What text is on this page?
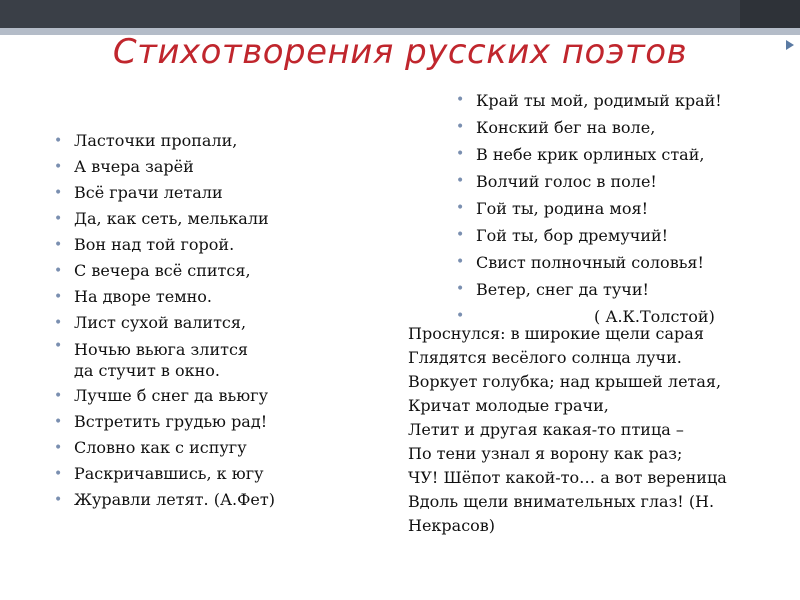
Стихотворения русских поэтов
• Ласточки пропали,
• А вчера зарёй
• Всё грачи летали
• Да, как сеть, мелькали
• Вон над той горой.
• С вечера всё спится,
• На дворе темно.
• Лист сухой валится,
• Ночью вьюга злится
да стучит в окно.
• Лучше б снег да вьюгу
• Встретить грудью рад!
• Словно как с испугу
• Раскричавшись, к югу
• Журавли летят. (А.Фет)
• Край ты мой, родимый край!
• Конский бег на воле,
• В небе крик орлиных стай,
• Волчий голос в поле!
• Гой ты, родина моя!
• Гой ты, бор дремучий!
• Свист полночный соловья!
• Ветер, снег да тучи!
•	( А.К.Толстой)
Проснулся: в широкие щели сарая
Глядятся весёлого солнца лучи.
Воркует голубка; над крышей летая,
Кричат молодые грачи,
Летит и другая какая-то птица –
По тени узнал я ворону как раз;
ЧУ! Шёпот какой-то… а вот вереница
Вдоль щели внимательных глаз! (Н.
Некрасов)
